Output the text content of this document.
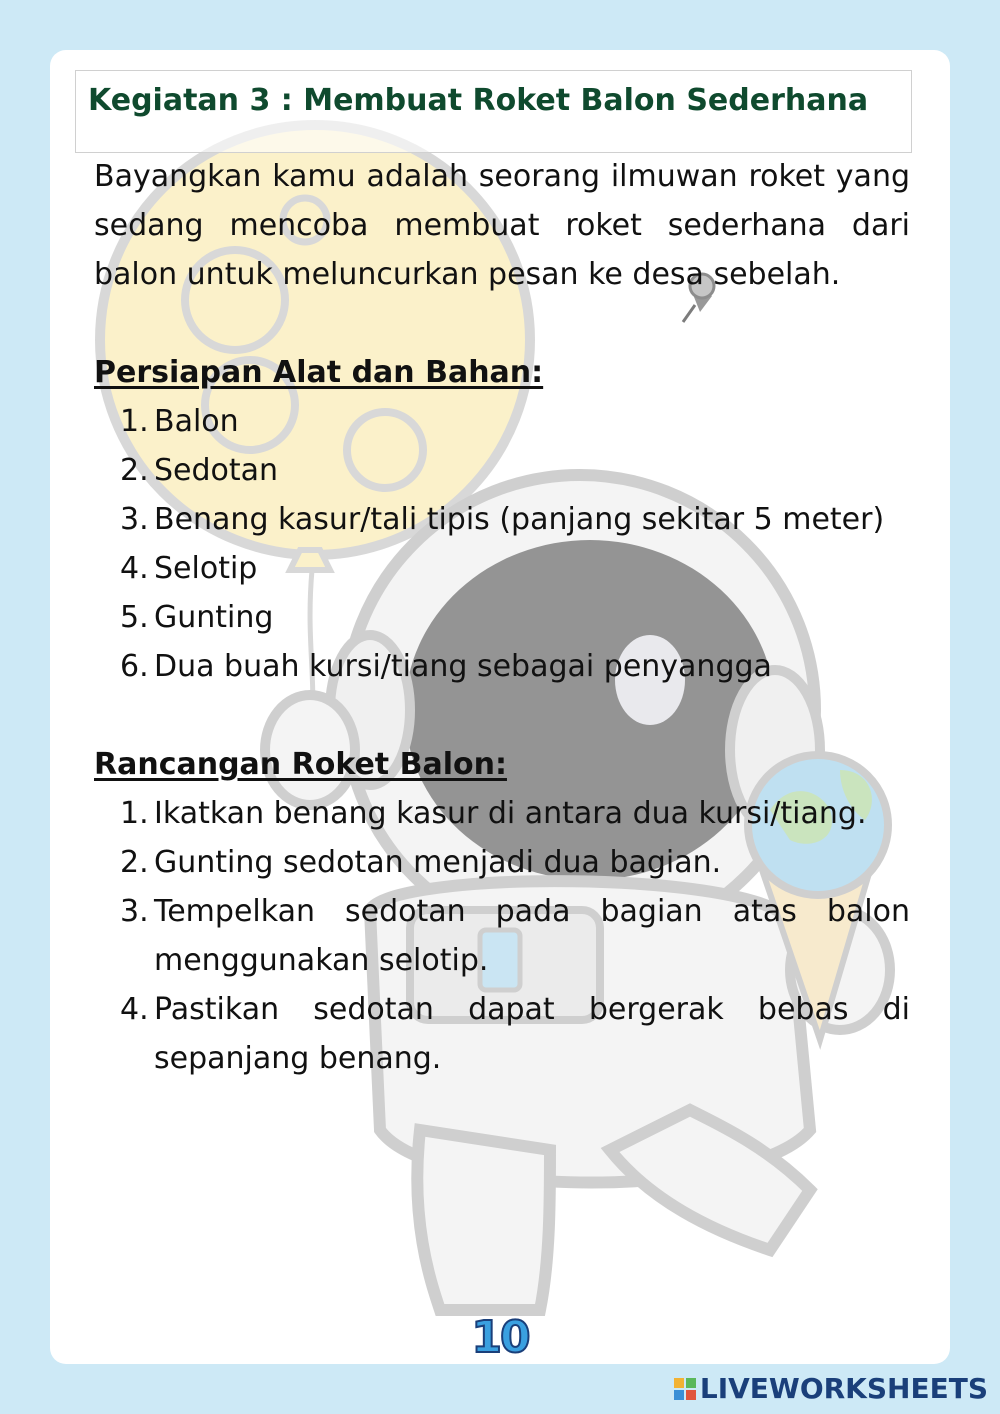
Kegiatan 3 : Membuat Roket Balon Sederhana

Bayangkan kamu adalah seorang ilmuwan roket yang sedang mencoba membuat roket sederhana dari balon untuk meluncurkan pesan ke desa sebelah.

Persiapan Alat dan Bahan:

1. Balon
2. Sedotan
3. Benang kasur/tali tipis (panjang sekitar 5 meter)
4. Selotip
5. Gunting
6. Dua buah kursi/tiang sebagai penyangga

Rancangan Roket Balon:

1. Ikatkan benang kasur di antara dua kursi/tiang.
2. Gunting sedotan menjadi dua bagian.
3. Tempelkan sedotan pada bagian atas balon menggunakan selotip.
4. Pastikan sedotan dapat bergerak bebas di sepanjang benang.
10
LIVEWORKSHEETS
